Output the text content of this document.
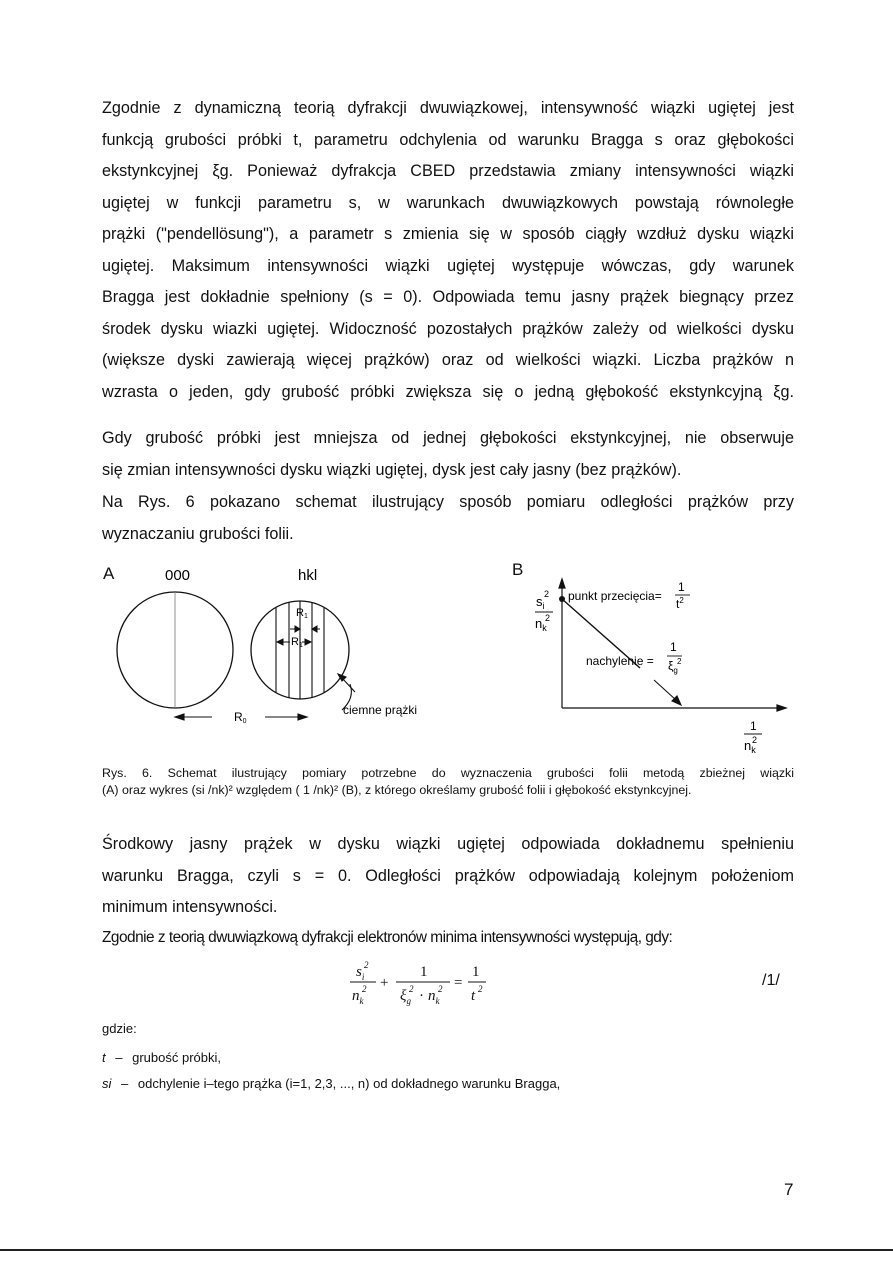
Zgodnie z dynamiczną teorią dyfrakcji dwuwiązkowej, intensywność wiązki ugiętej jest
funkcją grubości próbki t, parametru odchylenia od warunku Bragga s oraz głębokości
ekstynkcyjnej ξg. Ponieważ dyfrakcja CBED przedstawia zmiany intensywności wiązki
ugiętej w funkcji parametru s, w warunkach dwuwiązkowych powstają równoległe
prążki ("pendellösung"), a parametr s zmienia się w sposób ciągły wzdłuż dysku wiązki
ugiętej. Maksimum intensywności wiązki ugiętej występuje wówczas, gdy warunek
Bragga jest dokładnie spełniony (s = 0). Odpowiada temu jasny prążek biegnący przez
środek dysku wiazki ugiętej. Widoczność pozostałych prążków zależy od wielkości dysku
(większe dyski zawierają więcej prążków) oraz od wielkości wiązki. Liczba prążków n
wzrasta o jeden, gdy grubość próbki zwiększa się o jedną głębokość ekstynkcyjną ξg.
Gdy grubość próbki jest mniejsza od jednej głębokości ekstynkcyjnej, nie obserwuje
się zmian intensywności dysku wiązki ugiętej, dysk jest cały jasny (bez prążków).
Na Rys. 6 pokazano schemat ilustrujący sposób pomiaru odległości prążków przy
wyznaczaniu grubości folii.
A	B
000	hkl
R1
R1
ciemne prążki
R0
$s_i$
2
$n_k$
2
punkt przecięcia=
1
$t^2$
nachylenie =
1
$\xi_g$
2
1
$n_k$
2
Rys. 6. Schemat ilustrujący pomiary potrzebne do wyznaczenia grubości folii metodą zbieżnej wiązki
(A) oraz wykres (si /nk)² względem ( 1 /nk)² (B), z którego określamy grubość folii i głębokość ekstynkcyjnej.
Środkowy jasny prążek w dysku wiązki ugiętej odpowiada dokładnemu spełnieniu
warunku Bragga, czyli s = 0. Odległości prążków odpowiadają kolejnym położeniom
minimum intensywności.
Zgodnie z teorią dwuwiązkową dyfrakcji elektronów minima intensywności występują, gdy:
$s_i$
2
$n_k$
2 +
1
$\xi_g$
$2 \cdot n_k$
2 =
1
t 2	/1/
gdzie:
t – grubość próbki,
si – odchylenie i–tego prążka (i=1, 2,3, ..., n) od dokładnego warunku Bragga,
7
